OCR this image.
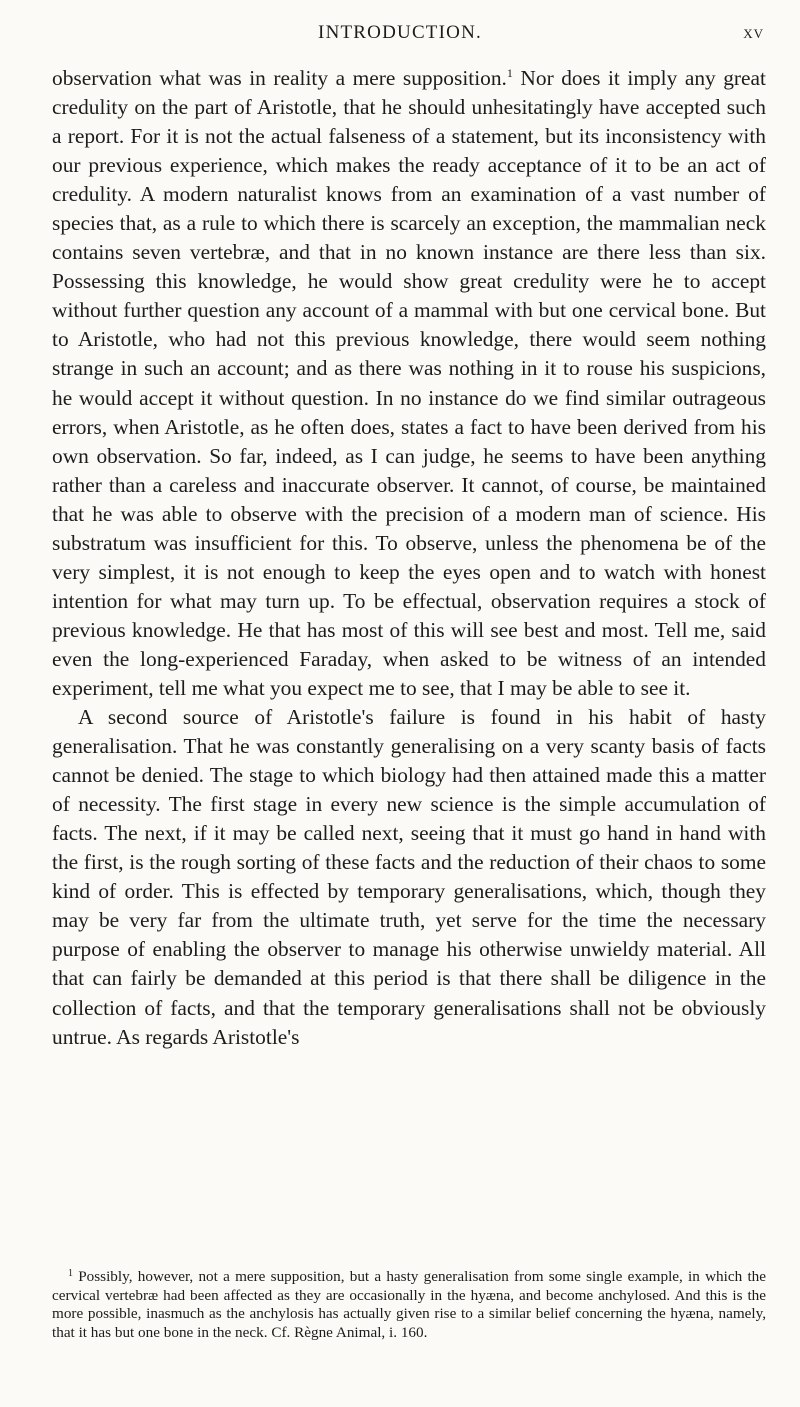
INTRODUCTION.	xv

observation what was in reality a mere supposition.$^1$ Nor does it imply any great credulity on the part of Aristotle, that he should unhesitatingly have accepted such a report. For it is not the actual falseness of a statement, but its inconsistency with our previous experience, which makes the ready acceptance of it to be an act of credulity. A modern naturalist knows from an examination of a vast number of species that, as a rule to which there is scarcely an exception, the mammalian neck contains seven vertebræ, and that in no known instance are there less than six. Possessing this knowledge, he would show great credulity were he to accept without further question any account of a mammal with but one cervical bone. But to Aristotle, who had not this previous knowledge, there would seem nothing strange in such an account; and as there was nothing in it to rouse his suspicions, he would accept it without question. In no instance do we find similar outrageous errors, when Aristotle, as he often does, states a fact to have been derived from his own observation. So far, indeed, as I can judge, he seems to have been anything rather than a careless and inaccurate observer. It cannot, of course, be maintained that he was able to observe with the precision of a modern man of science. His substratum was insufficient for this. To observe, unless the phenomena be of the very simplest, it is not enough to keep the eyes open and to watch with honest intention for what may turn up. To be effectual, observation requires a stock of previous knowledge. He that has most of this will see best and most. Tell me, said even the long-experienced Faraday, when asked to be witness of an intended experiment, tell me what you expect me to see, that I may be able to see it.

A second source of Aristotle's failure is found in his habit of hasty generalisation. That he was constantly generalising on a very scanty basis of facts cannot be denied. The stage to which biology had then attained made this a matter of necessity. The first stage in every new science is the simple accumulation of facts. The next, if it may be called next, seeing that it must go hand in hand with the first, is the rough sorting of these facts and the reduction of their chaos to some kind of order. This is effected by temporary generalisations, which, though they may be very far from the ultimate truth, yet serve for the time the necessary purpose of enabling the observer to manage his otherwise unwieldy material. All that can fairly be demanded at this period is that there shall be diligence in the collection of facts, and that the temporary generalisations shall not be obviously untrue. As regards Aristotle's

$^1$ Possibly, however, not a mere supposition, but a hasty generalisation from some single example, in which the cervical vertebræ had been affected as they are occasionally in the hyæna, and become anchylosed. And this is the more possible, inasmuch as the anchylosis has actually given rise to a similar belief concerning the hyæna, namely, that it has but one bone in the neck. Cf. Règne Animal, i. 160.
